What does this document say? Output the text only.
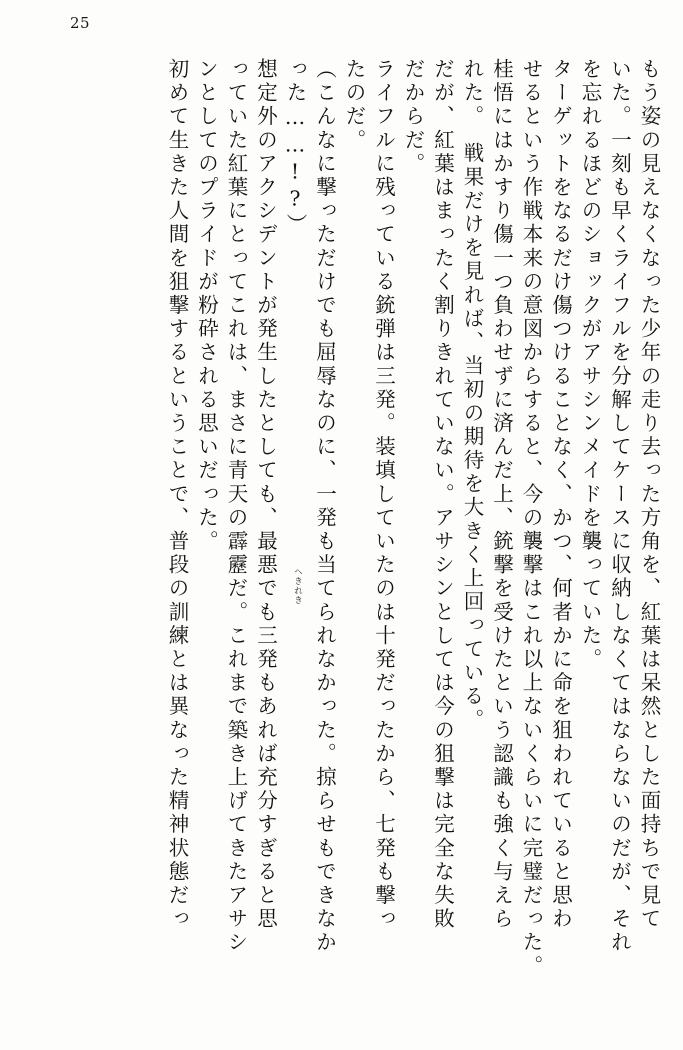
25
もう姿の見えなくなった少年の走り去った方角を、紅葉は呆然とした面持ちで見て
いた。一刻も早くライフルを分解してケースに収納しなくてはならないのだが、それ
を忘れるほどのショックがアサシンメイドを襲っていた。
ターゲットをなるだけ傷つけることなく、かつ、何者かに命を狙われていると思わ
せるという作戦本来の意図からすると、今の襲撃はこれ以上ないくらいに完璧だった。
桂悟にはかすり傷一つ負わせずに済んだ上、銃撃を受けたという認識も強く与えら
れた。　戦果だけを見れば、当初の期待を大きく上回っている。
だが、紅葉はまったく割りきれていない。アサシンとしては今の狙撃は完全な失敗
だからだ。
ライフルに残っている銃弾は三発。装填していたのは十発だったから、七発も撃っ
たのだ。
（こんなに撃っただけでも屈辱なのに、一発も当てられなかった。掠らせもできなか
った……!?）
想定外のアクシデントが発生したとしても、最悪でも三発もあれば充分すぎると思
っていた紅葉にとってこれは、まさに青天の霹靂だ。これまで築き上げてきたアサシ
ンとしてのプライドが粉砕される思いだった。
初めて生きた人間を狙撃するということで、普段の訓練とは異なった精神状態だっ	へきれき
